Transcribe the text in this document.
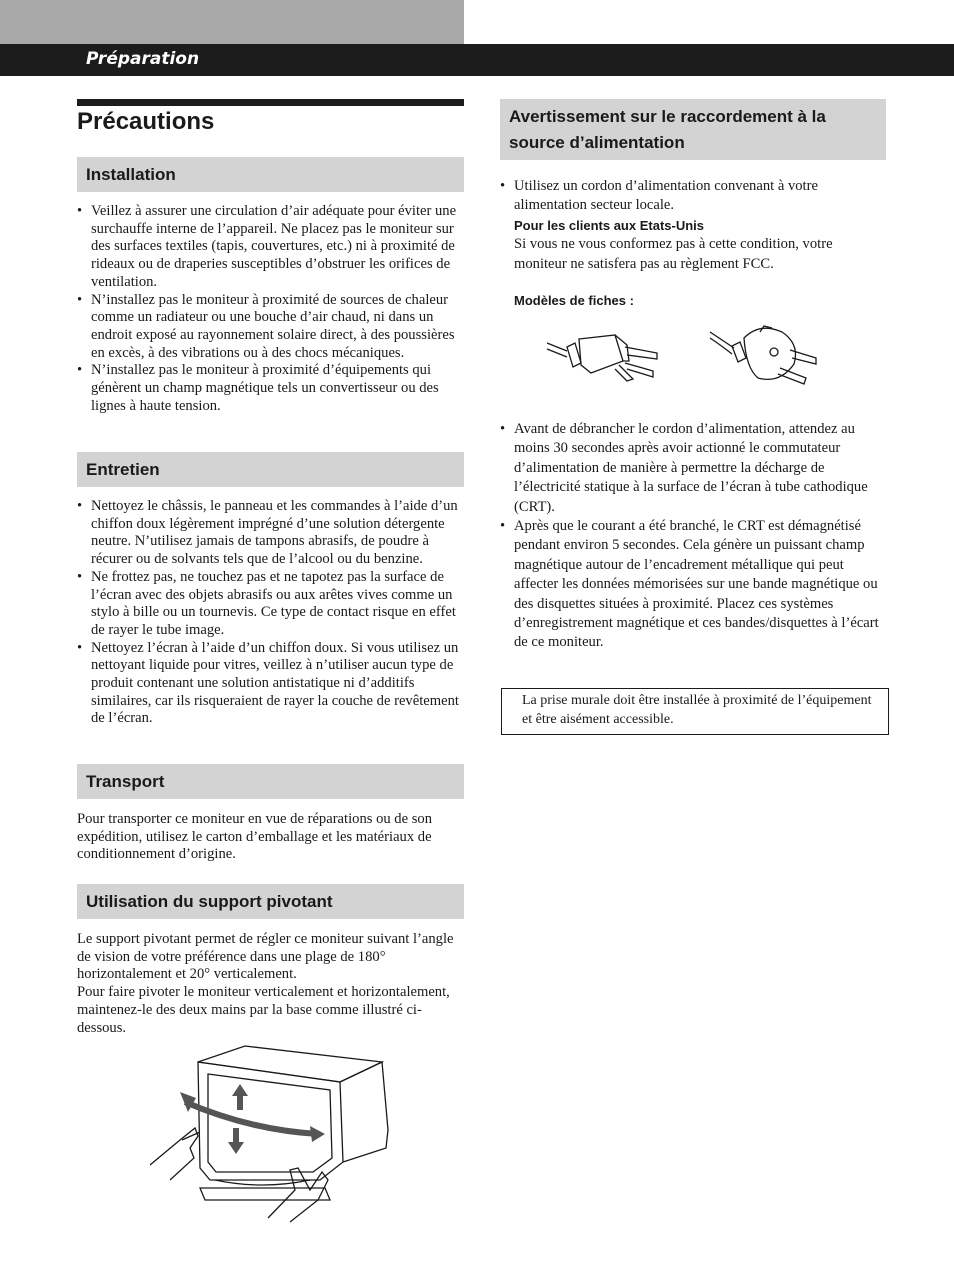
Préparation
Précautions
Installation
• Veillez à assurer une circulation d’air adéquate pour éviter une surchauffe interne de l’appareil. Ne placez pas le moniteur sur des surfaces textiles (tapis, couvertures, etc.) ni à proximité de rideaux ou de draperies susceptibles d’obstruer les orifices de ventilation.
• N’installez pas le moniteur à proximité de sources de chaleur comme un radiateur ou une bouche d’air chaud, ni dans un endroit exposé au rayonnement solaire direct, à des poussières en excès, à des vibrations ou à des chocs mécaniques.
• N’installez pas le moniteur à proximité d’équipements qui génèrent un champ magnétique tels un convertisseur ou des lignes à haute tension.
Entretien
• Nettoyez le châssis, le panneau et les commandes à l’aide d’un chiffon doux légèrement imprégné d’une solution détergente neutre. N’utilisez jamais de tampons abrasifs, de poudre à récurer ou de solvants tels que de l’alcool ou du benzine.
• Ne frottez pas, ne touchez pas et ne tapotez pas la surface de l’écran avec des objets abrasifs ou aux arêtes vives comme un stylo à bille ou un tournevis. Ce type de contact risque en effet de rayer le tube image.
• Nettoyez l’écran à l’aide d’un chiffon doux. Si vous utilisez un nettoyant liquide pour vitres, veillez à n’utiliser aucun type de produit contenant une solution antistatique ni d’additifs similaires, car ils risqueraient de rayer la couche de revêtement de l’écran.
Transport

Pour transporter ce moniteur en vue de réparations ou de son expédition, utilisez le carton d’emballage et les matériaux de conditionnement d’origine.

Utilisation du support pivotant

Le support pivotant permet de régler ce moniteur suivant l’angle de vision de votre préférence dans une plage de 180° horizontalement et 20° verticalement.

Pour faire pivoter le moniteur verticalement et horizontalement, maintenez-le des deux mains par la base comme illustré ci-dessous.

Avertissement sur le raccordement à la source d’alimentation

• Utilisez un cordon d’alimentation convenant à votre alimentation secteur locale.

Pour les clients aux Etats-Unis

Si vous ne vous conformez pas à cette condition, votre moniteur ne satisfera pas au règlement FCC.

Modèles de fiches :
• Avant de débrancher le cordon d’alimentation, attendez au moins 30 secondes après avoir actionné le commutateur d’alimentation de manière à permettre la décharge de l’électricité statique à la surface de l’écran à tube cathodique (CRT).
• Après que le courant a été branché, le CRT est démagnétisé pendant environ 5 secondes. Cela génère un puissant champ magnétique autour de l’encadrement métallique qui peut affecter les données mémorisées sur une bande magnétique ou des disquettes situées à proximité. Placez ces systèmes d’enregistrement magnétique et ces bandes/disquettes à l’écart de ce moniteur.
La prise murale doit être installée à proximité de l’équipement et être aisément accessible.
